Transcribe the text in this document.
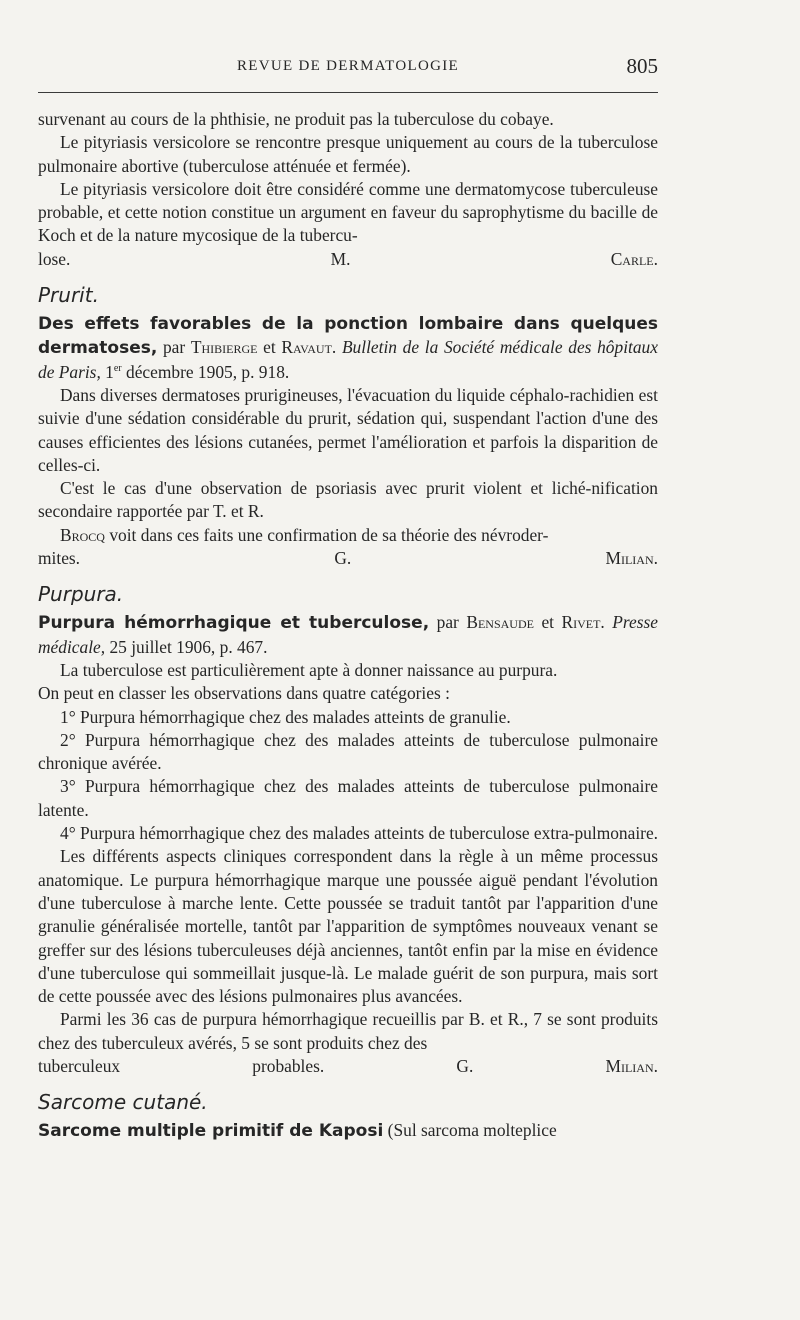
REVUE DE DERMATOLOGIE	805

survenant au cours de la phthisie, ne produit pas la tuberculose du cobaye.

Le pityriasis versicolore se rencontre presque uniquement au cours de la tuberculose pulmonaire abortive (tuberculose atténuée et fermée).

Le pityriasis versicolore doit être considéré comme une dermatomycose tuberculeuse probable, et cette notion constitue un argument en faveur du saprophytisme du bacille de Koch et de la nature mycosique de la tubercu-

lose.	M. Carle.
Prurit.

Des effets favorables de la ponction lombaire dans quelques dermatoses, par Thibierge et Ravaut. Bulletin de la Société médicale des hôpitaux de Paris, 1er décembre 1905, p. 918.

Dans diverses dermatoses prurigineuses, l'évacuation du liquide céphalo-rachidien est suivie d'une sédation considérable du prurit, sédation qui, suspendant l'action d'une des causes efficientes des lésions cutanées, permet l'amélioration et parfois la disparition de celles-ci.

C'est le cas d'une observation de psoriasis avec prurit violent et liché-nification secondaire rapportée par T. et R.

Brocq voit dans ces faits une confirmation de sa théorie des névroder-

mites.	G. Milian.
Purpura.

Purpura hémorrhagique et tuberculose, par Bensaude et Rivet. Presse médicale, 25 juillet 1906, p. 467.

La tuberculose est particulièrement apte à donner naissance au purpura.

On peut en classer les observations dans quatre catégories :

1° Purpura hémorrhagique chez des malades atteints de granulie.

2° Purpura hémorrhagique chez des malades atteints de tuberculose pulmonaire chronique avérée.

3° Purpura hémorrhagique chez des malades atteints de tuberculose pulmonaire latente.

4° Purpura hémorrhagique chez des malades atteints de tuberculose extra-pulmonaire.

Les différents aspects cliniques correspondent dans la règle à un même processus anatomique. Le purpura hémorrhagique marque une poussée aiguë pendant l'évolution d'une tuberculose à marche lente. Cette poussée se traduit tantôt par l'apparition d'une granulie généralisée mortelle, tantôt par l'apparition de symptômes nouveaux venant se greffer sur des lésions tuberculeuses déjà anciennes, tantôt enfin par la mise en évidence d'une tuberculose qui sommeillait jusque-là. Le malade guérit de son purpura, mais sort de cette poussée avec des lésions pulmonaires plus avancées.

Parmi les 36 cas de purpura hémorrhagique recueillis par B. et R., 7 se sont produits chez des tuberculeux avérés, 5 se sont produits chez des

tuberculeux probables.	G. Milian.
Sarcome cutané.

Sarcome multiple primitif de Kaposi (Sul sarcoma molteplice
